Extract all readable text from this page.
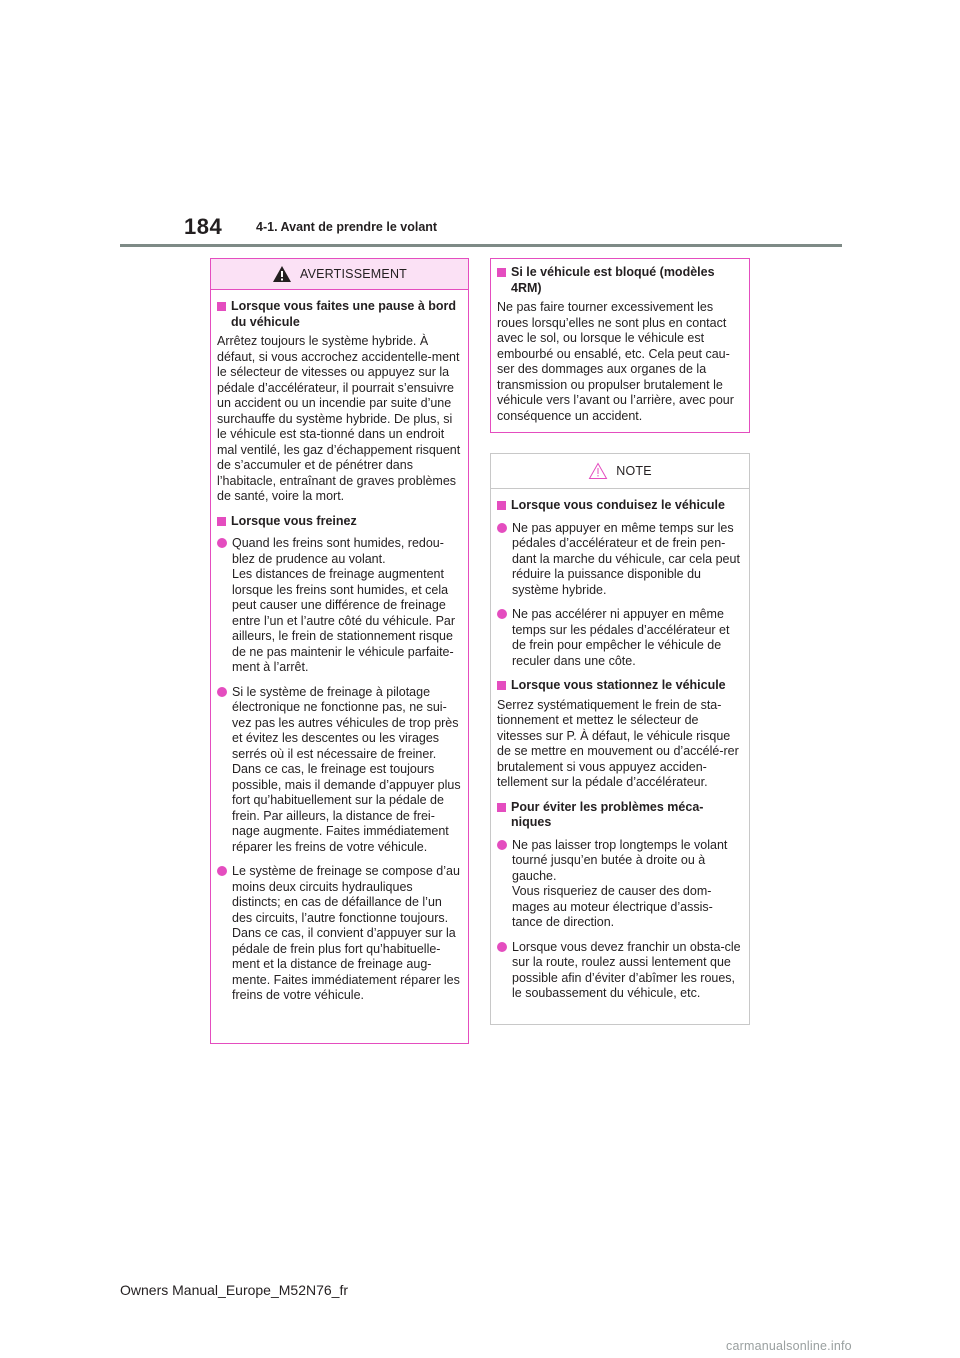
184	4-1. Avant de prendre le volant
AVERTISSEMENT
Lorsque vous faites une pause à bord du véhicule

Arrêtez toujours le système hybride. À défaut, si vous accrochez accidentelle-ment le sélecteur de vitesses ou appuyez sur la pédale d’accélérateur, il pourrait s’ensuivre un accident ou un incendie par suite d’une surchauffe du système hybride. De plus, si le véhicule est sta-tionné dans un endroit mal ventilé, les gaz d’échappement risquent de s’accumuler et de pénétrer dans l’habitacle, entraînant de graves problèmes de santé, voire la mort.

Lorsque vous freinez
Quand les freins sont humides, redou-blez de prudence au volant.
Les distances de freinage augmentent lorsque les freins sont humides, et cela peut causer une différence de freinage entre l’un et l’autre côté du véhicule. Par ailleurs, le frein de stationnement risque de ne pas maintenir le véhicule parfaite-ment à l’arrêt.
Si le système de freinage à pilotage électronique ne fonctionne pas, ne sui-vez pas les autres véhicules de trop près et évitez les descentes ou les virages serrés où il est nécessaire de freiner.
Dans ce cas, le freinage est toujours possible, mais il demande d’appuyer plus fort qu’habituellement sur la pédale de frein. Par ailleurs, la distance de frei-nage augmente. Faites immédiatement réparer les freins de votre véhicule.
Le système de freinage se compose d’au moins deux circuits hydrauliques distincts; en cas de défaillance de l’un des circuits, l’autre fonctionne toujours. Dans ce cas, il convient d’appuyer sur la pédale de frein plus fort qu’habituelle-ment et la distance de freinage aug-mente. Faites immédiatement réparer les freins de votre véhicule.
Si le véhicule est bloqué (modèles 4RM)

Ne pas faire tourner excessivement les roues lorsqu’elles ne sont plus en contact avec le sol, ou lorsque le véhicule est embourbé ou ensablé, etc. Cela peut cau-ser des dommages aux organes de la transmission ou propulser brutalement le véhicule vers l’avant ou l’arrière, avec pour conséquence un accident.

NOTE
Lorsque vous conduisez le véhicule
Ne pas appuyer en même temps sur les pédales d’accélérateur et de frein pen-dant la marche du véhicule, car cela peut réduire la puissance disponible du système hybride.
Ne pas accélérer ni appuyer en même temps sur les pédales d’accélérateur et de frein pour empêcher le véhicule de reculer dans une côte.
Lorsque vous stationnez le véhicule

Serrez systématiquement le frein de sta-tionnement et mettez le sélecteur de vitesses sur P. À défaut, le véhicule risque de se mettre en mouvement ou d’accélé-rer brutalement si vous appuyez acciden-tellement sur la pédale d’accélérateur.

Pour éviter les problèmes méca-niques
Ne pas laisser trop longtemps le volant tourné jusqu’en butée à droite ou à gauche.
Vous risqueriez de causer des dom-mages au moteur électrique d’assis-tance de direction.
Lorsque vous devez franchir un obsta-cle sur la route, roulez aussi lentement que possible afin d’éviter d’abîmer les roues, le soubassement du véhicule, etc.
Owners Manual_Europe_M52N76_fr
carmanualsonline.info
